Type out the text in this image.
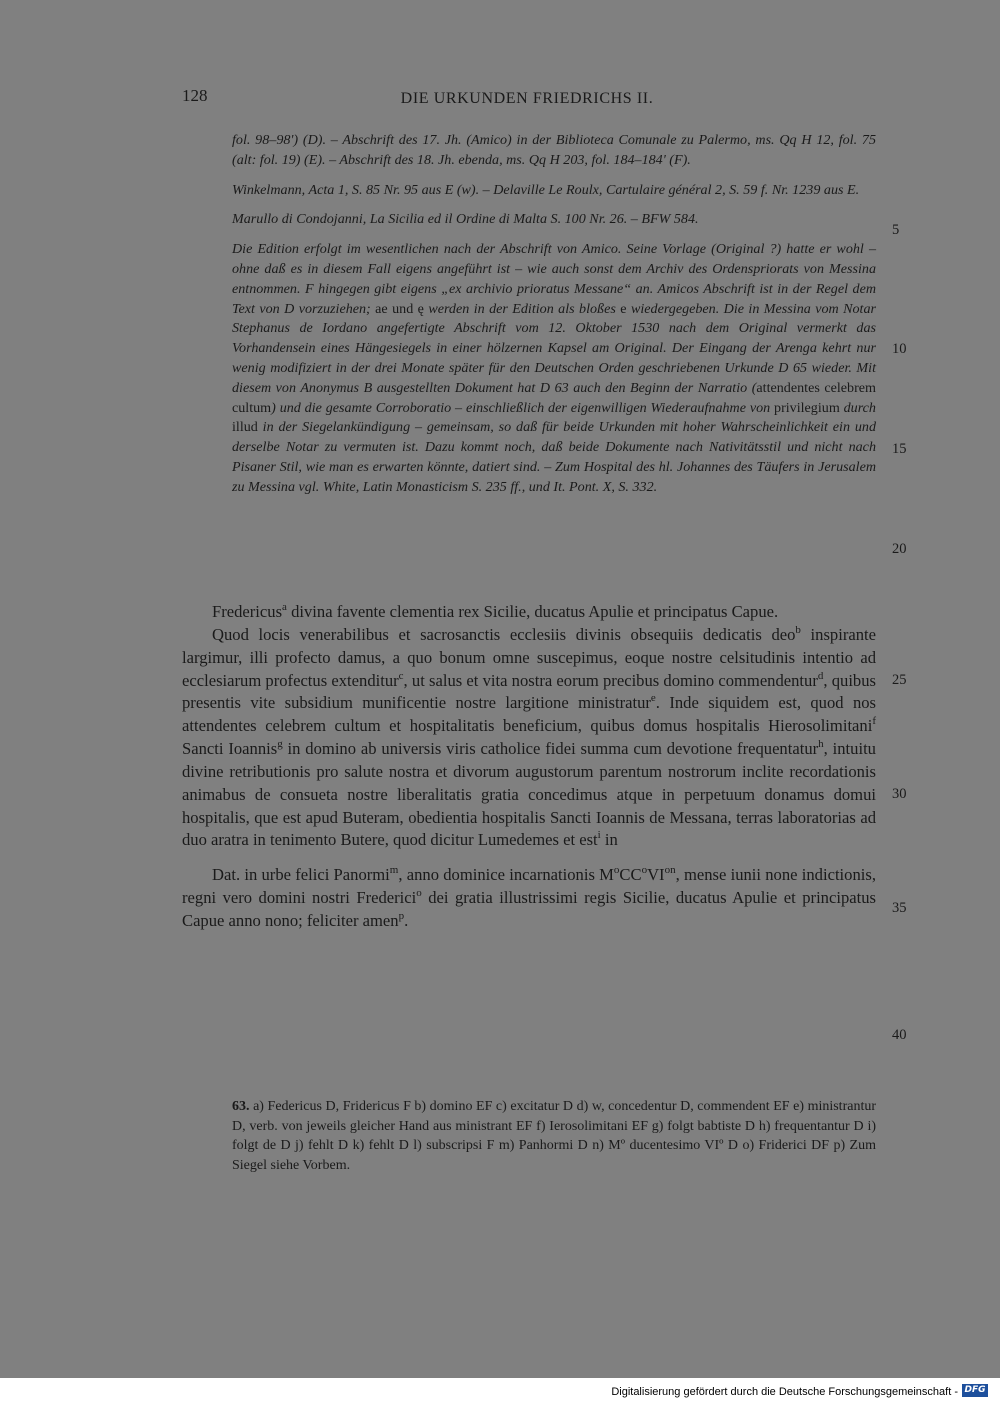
128	DIE URKUNDEN FRIEDRICHS II.

fol. 98–98') (D). – Abschrift des 17. Jh. (Amico) in der Biblioteca Comunale zu Palermo, ms. Qq H 12, fol. 75 (alt: fol. 19) (E). – Abschrift des 18. Jh. ebenda, ms. Qq H 203, fol. 184–184' (F).

Winkelmann, Acta 1, S. 85 Nr. 95 aus E (w). – Delaville Le Roulx, Cartulaire général 2, S. 59 f. Nr. 1239 aus E.

Marullo di Condojanni, La Sicilia ed il Ordine di Malta S. 100 Nr. 26. – BFW 584.

Die Edition erfolgt im wesentlichen nach der Abschrift von Amico. Seine Vorlage (Original ?) hatte er wohl – ohne daß es in diesem Fall eigens angeführt ist – wie auch sonst dem Archiv des Ordenspriorats von Messina entnommen. F hingegen gibt eigens „ex archivio prioratus Messane“ an. Amicos Abschrift ist in der Regel dem Text von D vorzuziehen; ae und ę werden in der Edition als bloßes e wiedergegeben. Die in Messina vom Notar Stephanus de Iordano angefertigte Abschrift vom 12. Oktober 1530 nach dem Original vermerkt das Vorhandensein eines Hängesiegels in einer hölzernen Kapsel am Original. Der Eingang der Arenga kehrt nur wenig modifiziert in der drei Monate später für den Deutschen Orden geschriebenen Urkunde D 65 wieder. Mit diesem von Anonymus B ausgestellten Dokument hat D 63 auch den Beginn der Narratio (attendentes celebrem cultum) und die gesamte Corroboratio – einschließlich der eigenwilligen Wiederaufnahme von privilegium durch illud in der Siegelankündigung – gemeinsam, so daß für beide Urkunden mit hoher Wahrscheinlichkeit ein und derselbe Notar zu vermuten ist. Dazu kommt noch, daß beide Dokumente nach Nativitätsstil und nicht nach Pisaner Stil, wie man es erwarten könnte, datiert sind. – Zum Hospital des hl. Johannes des Täufers in Jerusalem zu Messina vgl. White, Latin Monasticism S. 235 ff., und It. Pont. X, S. 332.

Fredericus$^a$ divina favente clementia rex Sicilie, ducatus Apulie et principatus Capue.

Quod locis venerabilibus et sacrosanctis ecclesiis divinis obsequiis dedicatis deo$^b$ inspirante largimur, illi profecto damus, a quo bonum omne suscepimus, eoque nostre celsitudinis intentio ad ecclesiarum profectus extenditur$^c$, ut salus et vita nostra eorum precibus domino commendentur$^d$, quibus presentis vite subsidium munificentie nostre largitione ministratur$^e$. Inde siquidem est, quod nos attendentes celebrem cultum et hospitalitatis beneficium, quibus domus hospitalis Hierosolimitani$^f$ Sancti Ioannis$^g$ in domino ab universis viris catholice fidei summa cum devotione frequentatur$^h$, intuitu divine retributionis pro salute nostra et divorum augustorum parentum nostrorum inclite recordationis animabus de consueta nostre liberalitatis gratia concedimus atque in perpetuum donamus domui hospitalis, que est apud Buteram, obedientia hospitalis Sancti Ioannis de Messana, terras laboratorias ad duo aratra in tenimento Butere, quod dicitur Lumedemes et est$^i$ in

Dat. in urbe felici Panormi$^m$, anno dominice incarnationis $M^oCC^oVI^{on}$, mense iunii none indictionis, regni vero domini nostri Frederici$^o$ dei gratia illustrissimi regis Sicilie, ducatus Apulie et principatus Capue anno nono; feliciter amen$^p$.

5
10
15
20
25
30
35
40
63. a) Federicus D, Fridericus F b) domino EF c) excitatur D d) w, concedentur D, commendent EF e) ministrantur D, verb. von jeweils gleicher Hand aus ministrant EF f) Ierosolimitani EF g) folgt babtiste D h) frequentantur D i) folgt de D j) fehlt D k) fehlt D l) subscripsi F m) Panhormi D n) Mº ducentesimo VIº D o) Friderici DF p) Zum Siegel siehe Vorbem.
Digitalisierung gefördert durch die Deutsche Forschungsgemeinschaft - DFG
